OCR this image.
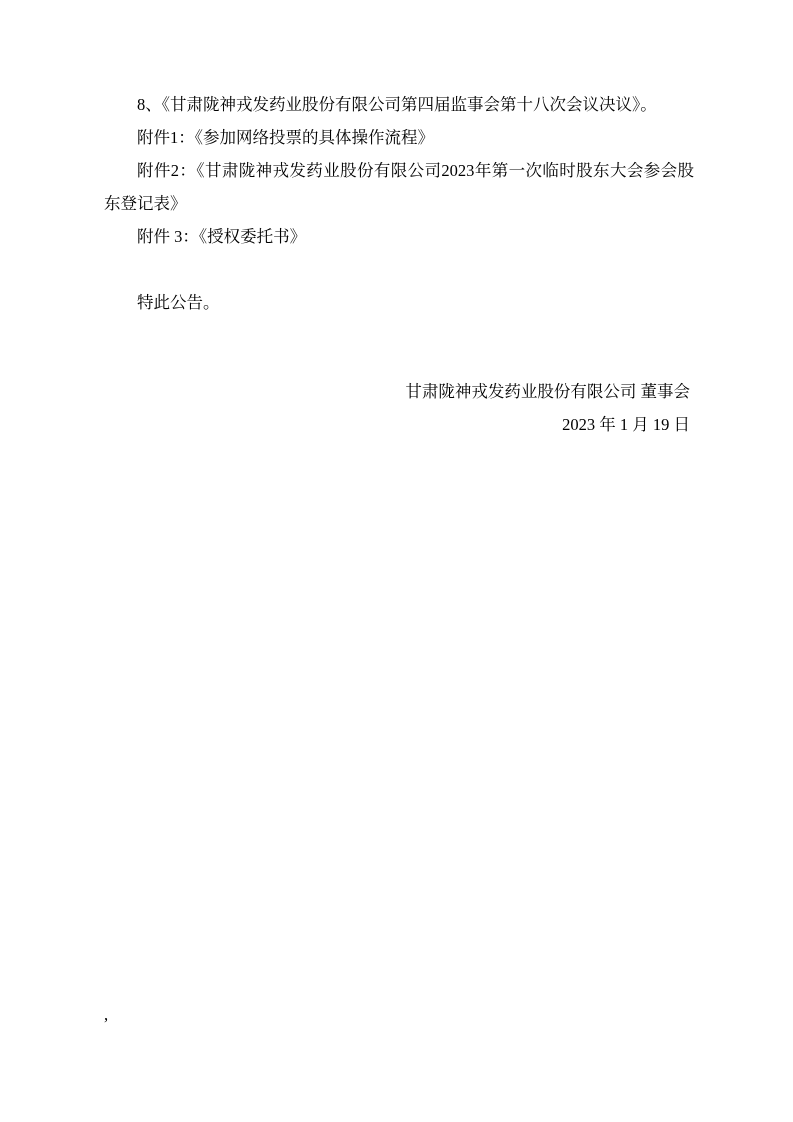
8、《甘肃陇神戎发药业股份有限公司第四届监事会第十八次会议决议》。

附件1：《参加网络投票的具体操作流程》

附件2：《甘肃陇神戎发药业股份有限公司2023年第一次临时股东大会参会股东登记表》

附件 3：《授权委托书》

特此公告。

甘肃陇神戎发药业股份有限公司 董事会

2023 年 1 月 19 日

,
